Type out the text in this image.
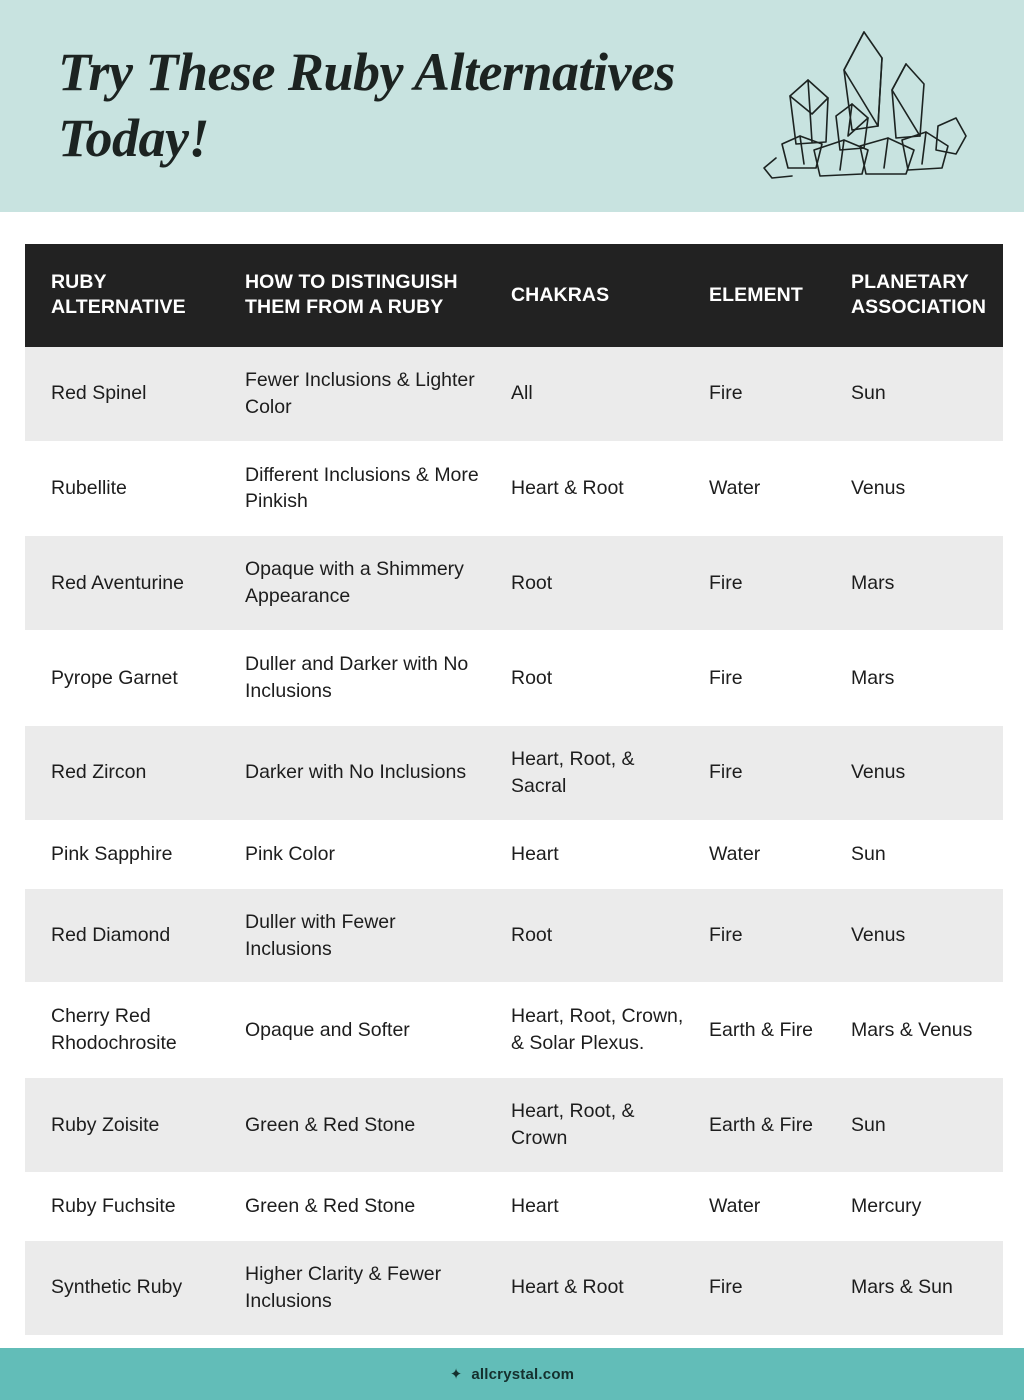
Try These Ruby Alternatives Today!
RUBY ALTERNATIVE	HOW TO DISTINGUISH THEM FROM A RUBY	CHAKRAS	ELEMENT	PLANETARY ASSOCIATION
Red Spinel	Fewer Inclusions & Lighter Color	All	Fire	Sun
Rubellite	Different Inclusions & More Pinkish	Heart & Root	Water	Venus
Red Aventurine	Opaque with a Shimmery Appearance	Root	Fire	Mars
Pyrope Garnet	Duller and Darker with No Inclusions	Root	Fire	Mars
Red Zircon	Darker with No Inclusions	Heart, Root, & Sacral	Fire	Venus
Pink Sapphire	Pink Color	Heart	Water	Sun
Red Diamond	Duller with Fewer Inclusions	Root	Fire	Venus
Cherry Red Rhodochrosite	Opaque and Softer	Heart, Root, Crown, & Solar Plexus.	Earth & Fire	Mars & Venus
Ruby Zoisite	Green & Red Stone	Heart, Root, & Crown	Earth & Fire	Sun
Ruby Fuchsite	Green & Red Stone	Heart	Water	Mercury
Synthetic Ruby	Higher Clarity & Fewer Inclusions	Heart & Root	Fire	Mars & Sun
✦ allcrystal.com
